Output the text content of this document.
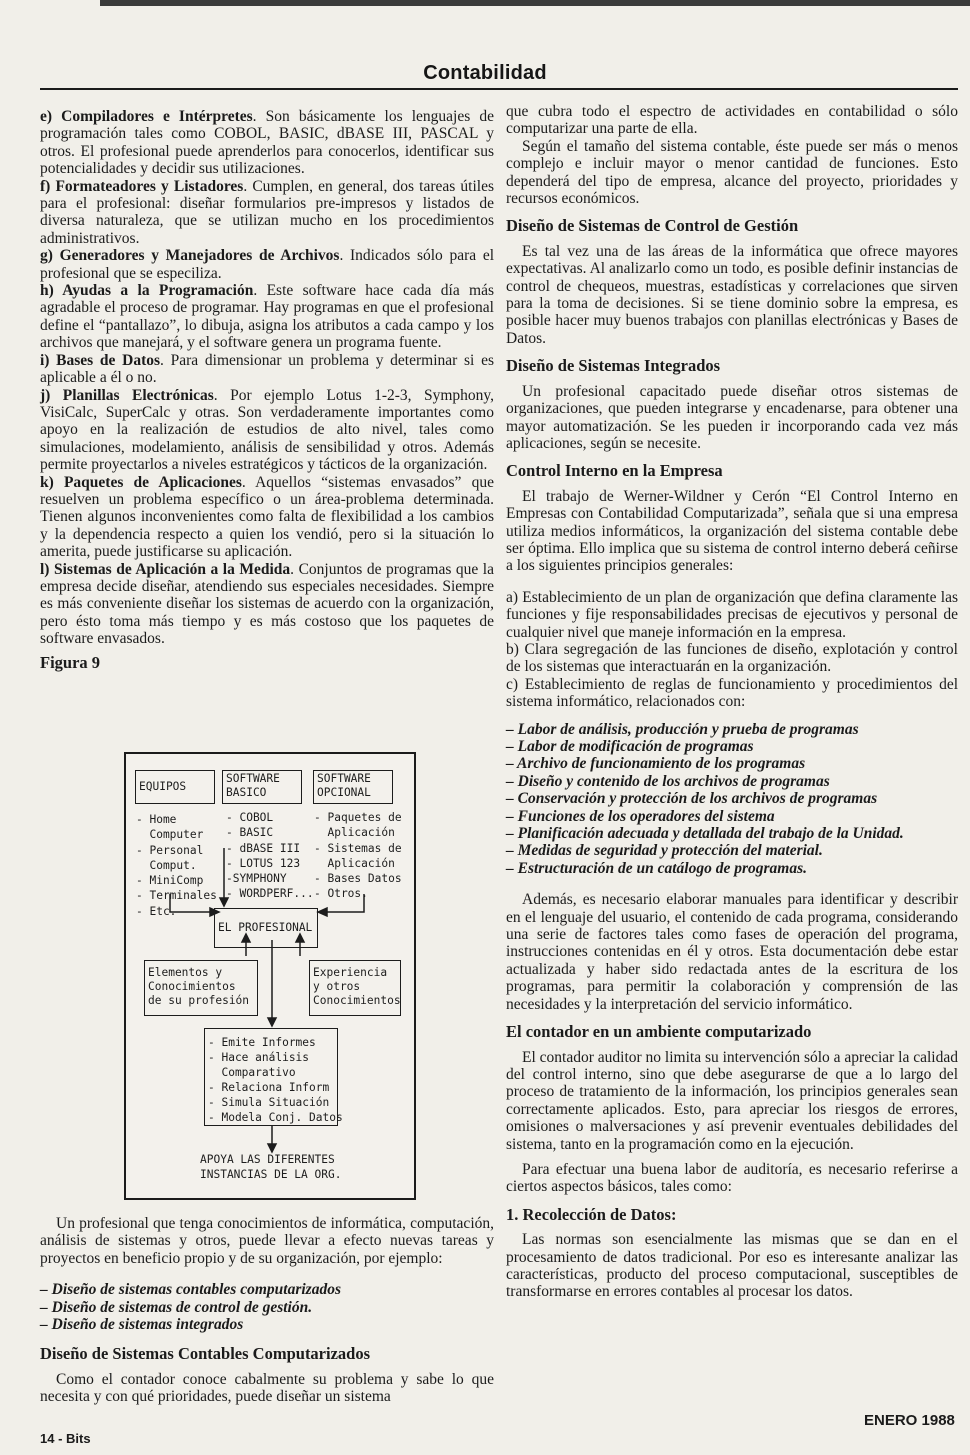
Contabilidad

e) Compiladores e Intérpretes. Son básicamente los lenguajes de programación tales como COBOL, BASIC, dBASE III, PASCAL y otros. El profesional puede aprenderlos para conocerlos, identificar sus potencialidades y decidir sus utilizaciones.

f) Formateadores y Listadores. Cumplen, en general, dos tareas útiles para el profesional: diseñar formularios pre-impresos y listados de diversa naturaleza, que se utilizan mucho en los procedimientos administrativos.

g) Generadores y Manejadores de Archivos. Indicados sólo para el profesional que se especiliza.

h) Ayudas a la Programación. Este software hace cada día más agradable el proceso de programar. Hay programas en que el profesional define el “pantallazo”, lo dibuja, asigna los atributos a cada campo y los archivos que manejará, y el software genera un programa fuente.

i) Bases de Datos. Para dimensionar un problema y determinar si es aplicable a él o no.

j) Planillas Electrónicas. Por ejemplo Lotus 1-2-3, Symphony, VisiCalc, SuperCalc y otras. Son verdaderamente importantes como apoyo en la realización de estudios de alto nivel, tales como simulaciones, modelamiento, análisis de sensibilidad y otros. Además permite proyectarlos a niveles estratégicos y tácticos de la organización.

k) Paquetes de Aplicaciones. Aquellos “sistemas envasados” que resuelven un problema específico o un área-problema determinada. Tienen algunos inconvenientes como falta de flexibilidad a los cambios y la dependencia respecto a quien los vendió, pero si la situación lo amerita, puede justificarse su aplicación.

l) Sistemas de Aplicación a la Medida. Conjuntos de programas que la empresa decide diseñar, atendiendo sus especiales necesidades. Siempre es más conveniente diseñar los sistemas de acuerdo con la organización, pero ésto toma más tiempo y es más costoso que los paquetes de software envasados.

Figura 9
EQUIPOS
- Home
Computer
- Personal
Comput.
- MiniComp
- Terminales
- Etc.
SOFTWARE
BASICO
- COBOL
- BASIC
- dBASE III
- LOTUS 123
-SYMPHONY
- WORDPERF...
SOFTWARE
OPCIONAL
- Paquetes de
Aplicación
- Sistemas de
Aplicación
- Bases Datos
- Otros.
EL PROFESIONAL
Elementos y
Conocimientos
de su profesión
Experiencia
y otros
Conocimientos
- Emite Informes
- Hace análisis
Comparativo
- Relaciona Inform
- Simula Situación
- Modela Conj. Datos
APOYA LAS DIFERENTES
INSTANCIAS DE LA ORG.

Un profesional que tenga conocimientos de informática, computación, análisis de sistemas y otros, puede llevar a efecto nuevas tareas y proyectos en beneficio propio y de su organización, por ejemplo:

– Diseño de sistemas contables computarizados
– Diseño de sistemas de control de gestión.
– Diseño de sistemas integrados
Diseño de Sistemas Contables Computarizados

Como el contador conoce cabalmente su problema y sabe lo que necesita y con qué prioridades, puede diseñar un sistema

que cubra todo el espectro de actividades en contabilidad o sólo computarizar una parte de ella.

Según el tamaño del sistema contable, éste puede ser más o menos complejo e incluir mayor o menor cantidad de funciones. Esto dependerá del tipo de empresa, alcance del proyecto, prioridades y recursos económicos.

Diseño de Sistemas de Control de Gestión

Es tal vez una de las áreas de la informática que ofrece mayores expectativas. Al analizarlo como un todo, es posible definir instancias de control de chequeos, muestras, estadísticas y correlaciones que sirven para la toma de decisiones. Si se tiene dominio sobre la empresa, es posible hacer muy buenos trabajos con planillas electrónicas y Bases de Datos.

Diseño de Sistemas Integrados

Un profesional capacitado puede diseñar otros sistemas de organizaciones, que pueden integrarse y encadenarse, para obtener una mayor automatización. Se les pueden ir incorporando cada vez más aplicaciones, según se necesite.

Control Interno en la Empresa

El trabajo de Werner-Wildner y Cerón “El Control Interno en Empresas con Contabilidad Computarizada”, señala que si una empresa utiliza medios informáticos, la organización del sistema contable debe ser óptima. Ello implica que su sistema de control interno deberá ceñirse a los siguientes principios generales:

a) Establecimiento de un plan de organización que defina claramente las funciones y fije responsabilidades precisas de ejecutivos y personal de cualquier nivel que maneje información en la empresa.

b) Clara segregación de las funciones de diseño, explotación y control de los sistemas que interactuarán en la organización.

c) Establecimiento de reglas de funcionamiento y procedimientos del sistema informático, relacionados con:

– Labor de análisis, producción y prueba de programas
– Labor de modificación de programas
– Archivo de funcionamiento de los programas
– Diseño y contenido de los archivos de programas
– Conservación y protección de los archivos de programas
– Funciones de los operadores del sistema
– Planificación adecuada y detallada del trabajo de la Unidad.
– Medidas de seguridad y protección del material.
– Estructuración de un catálogo de programas.

Además, es necesario elaborar manuales para identificar y describir en el lenguaje del usuario, el contenido de cada programa, considerando una serie de factores tales como fases de operación del programa, instrucciones contenidas en él y otros. Esta documentación debe estar actualizada y haber sido redactada antes de la escritura de los programas, para permitir la colaboración y comprensión de las necesidades y la interpretación del servicio informático.

El contador en un ambiente computarizado

El contador auditor no limita su intervención sólo a apreciar la calidad del control interno, sino que debe asegurarse de que a lo largo del proceso de tratamiento de la información, los principios generales sean correctamente aplicados. Esto, para apreciar los riesgos de errores, omisiones o malversaciones y así prevenir eventuales debilidades del sistema, tanto en la programación como en la ejecución.

Para efectuar una buena labor de auditoría, es necesario referirse a ciertos aspectos básicos, tales como:

1. Recolección de Datos:

Las normas son esencialmente las mismas que se dan en el procesamiento de datos tradicional. Por eso es interesante analizar las características, producto del proceso computacional, susceptibles de transformarse en errores contables al procesar los datos.

14 - Bits
ENERO 1988
